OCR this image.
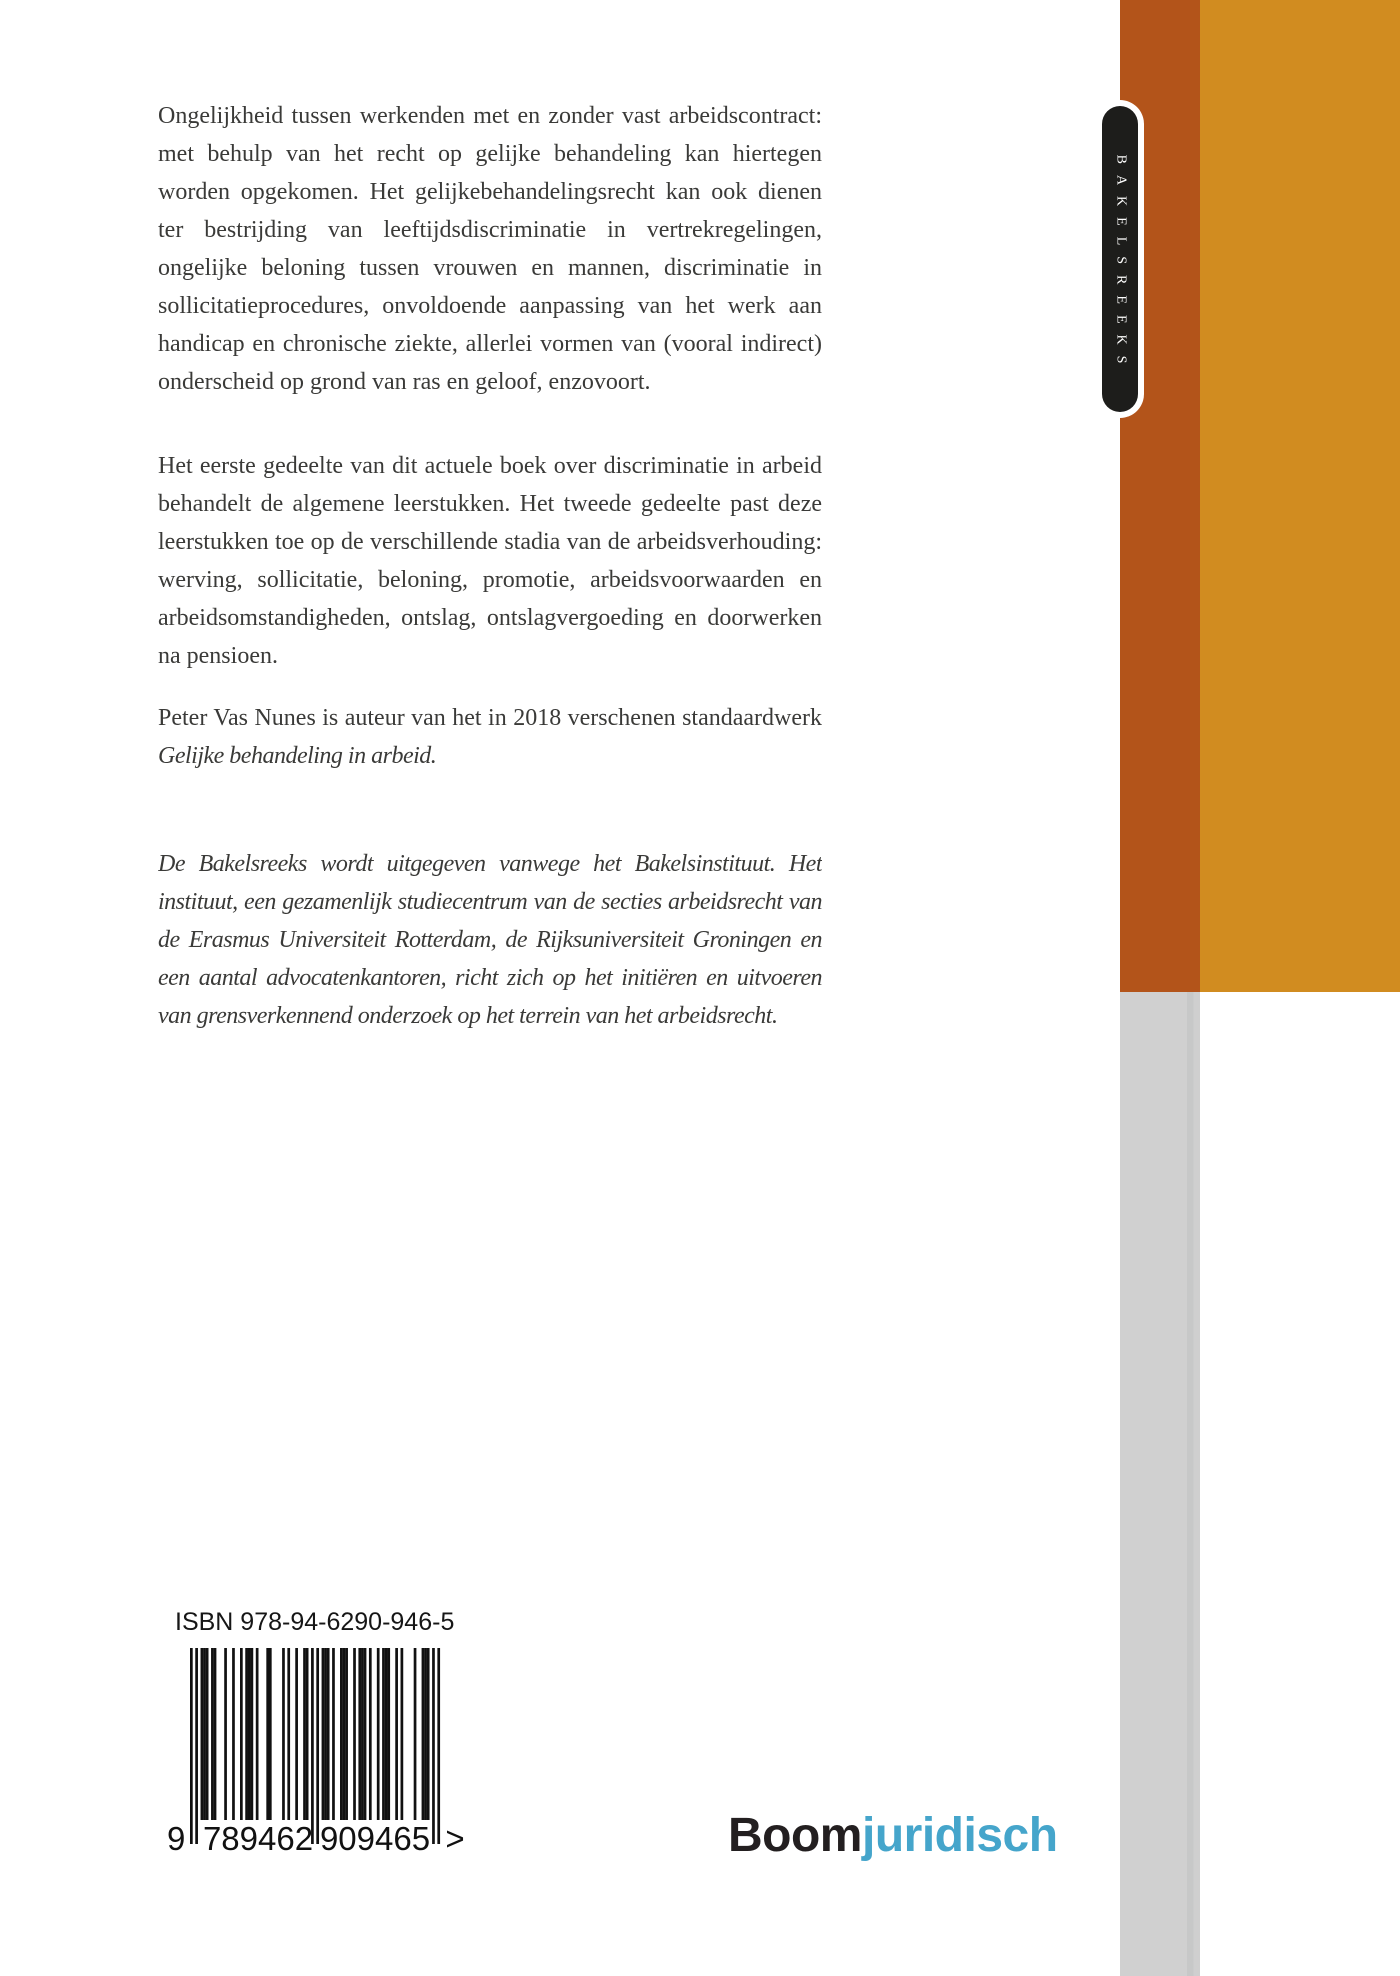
BAKELSREEKS
Ongelijkheid tussen werkenden met en zonder vast arbeidscontract:
met behulp van het recht op gelijke behandeling kan hiertegen
worden opgekomen. Het gelijkebehandelingsrecht kan ook dienen
ter bestrijding van leeftijdsdiscriminatie in vertrekregelingen,
ongelijke beloning tussen vrouwen en mannen, discriminatie in
sollicitatieprocedures, onvoldoende aanpassing van het werk aan
handicap en chronische ziekte, allerlei vormen van (vooral indirect)
onderscheid op grond van ras en geloof, enzovoort.
Het eerste gedeelte van dit actuele boek over discriminatie in arbeid
behandelt de algemene leerstukken. Het tweede gedeelte past deze
leerstukken toe op de verschillende stadia van de arbeidsverhouding:
werving, sollicitatie, beloning, promotie, arbeidsvoorwaarden en
arbeidsomstandigheden, ontslag, ontslagvergoeding en doorwerken
na pensioen.
Peter Vas Nunes is auteur van het in 2018 verschenen standaardwerk
Gelijke behandeling in arbeid.
De Bakelsreeks wordt uitgegeven vanwege het Bakelsinstituut. Het
instituut, een gezamenlijk studiecentrum van de secties arbeidsrecht van
de Erasmus Universiteit Rotterdam, de Rijksuniversiteit Groningen en
een aantal advocatenkantoren, richt zich op het initiëren en uitvoeren
van grensverkennend onderzoek op het terrein van het arbeidsrecht.
ISBN 978-94-6290-946-5
9 789462 909465 >	Boomjuridisch
